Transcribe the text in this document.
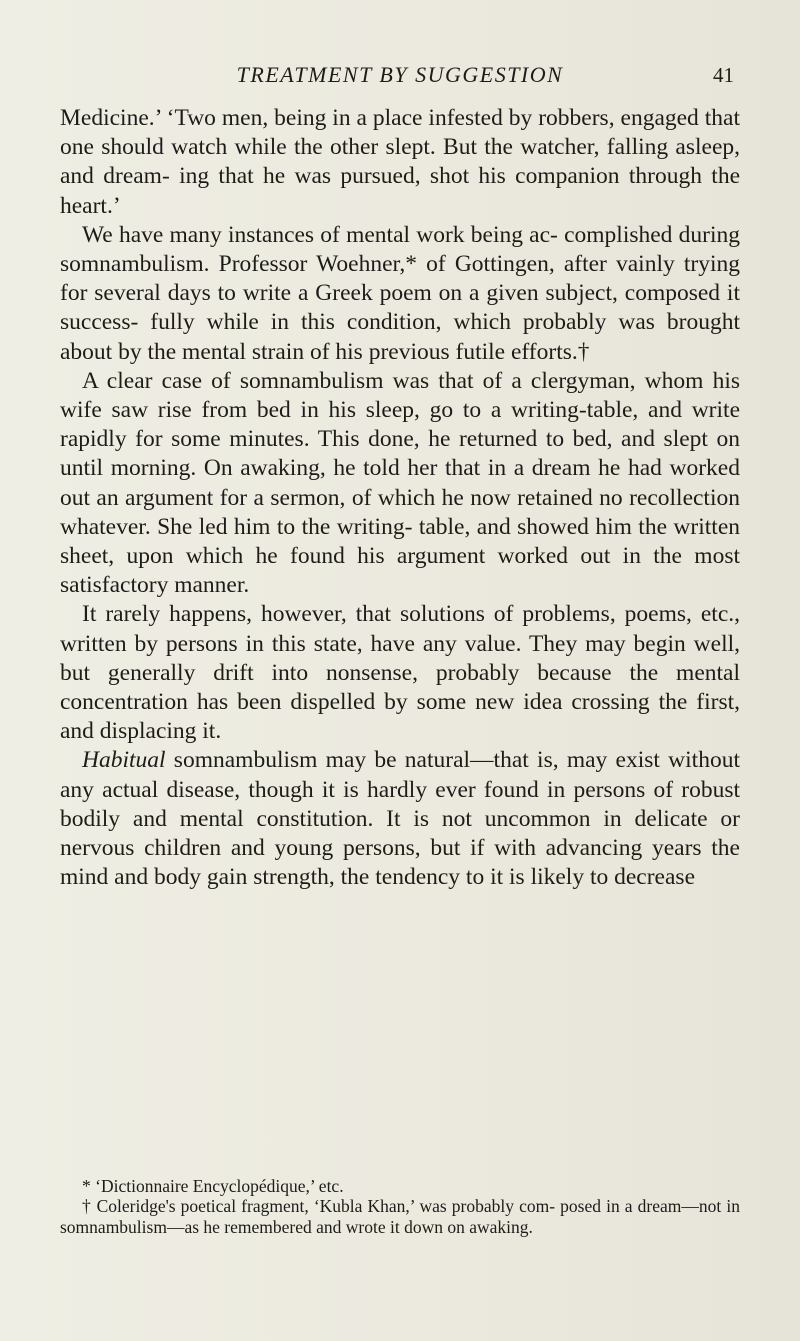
TREATMENT BY SUGGESTION	41

Medicine.’ ‘Two men, being in a place infested by robbers, engaged that one should watch while the other slept. But the watcher, falling asleep, and dream- ing that he was pursued, shot his companion through the heart.’

We have many instances of mental work being ac- complished during somnambulism. Professor Woehner,* of Gottingen, after vainly trying for several days to write a Greek poem on a given subject, composed it success- fully while in this condition, which probably was brought about by the mental strain of his previous futile efforts.†

A clear case of somnambulism was that of a clergyman, whom his wife saw rise from bed in his sleep, go to a writing-table, and write rapidly for some minutes. This done, he returned to bed, and slept on until morning. On awaking, he told her that in a dream he had worked out an argument for a sermon, of which he now retained no recollection whatever. She led him to the writing- table, and showed him the written sheet, upon which he found his argument worked out in the most satisfactory manner.

It rarely happens, however, that solutions of problems, poems, etc., written by persons in this state, have any value. They may begin well, but generally drift into nonsense, probably because the mental concentration has been dispelled by some new idea crossing the first, and displacing it.

Habitual somnambulism may be natural—that is, may exist without any actual disease, though it is hardly ever found in persons of robust bodily and mental constitution. It is not uncommon in delicate or nervous children and young persons, but if with advancing years the mind and body gain strength, the tendency to it is likely to decrease

* ‘Dictionnaire Encyclopédique,’ etc.

† Coleridge's poetical fragment, ‘Kubla Khan,’ was probably com- posed in a dream—not in somnambulism—as he remembered and wrote it down on awaking.
